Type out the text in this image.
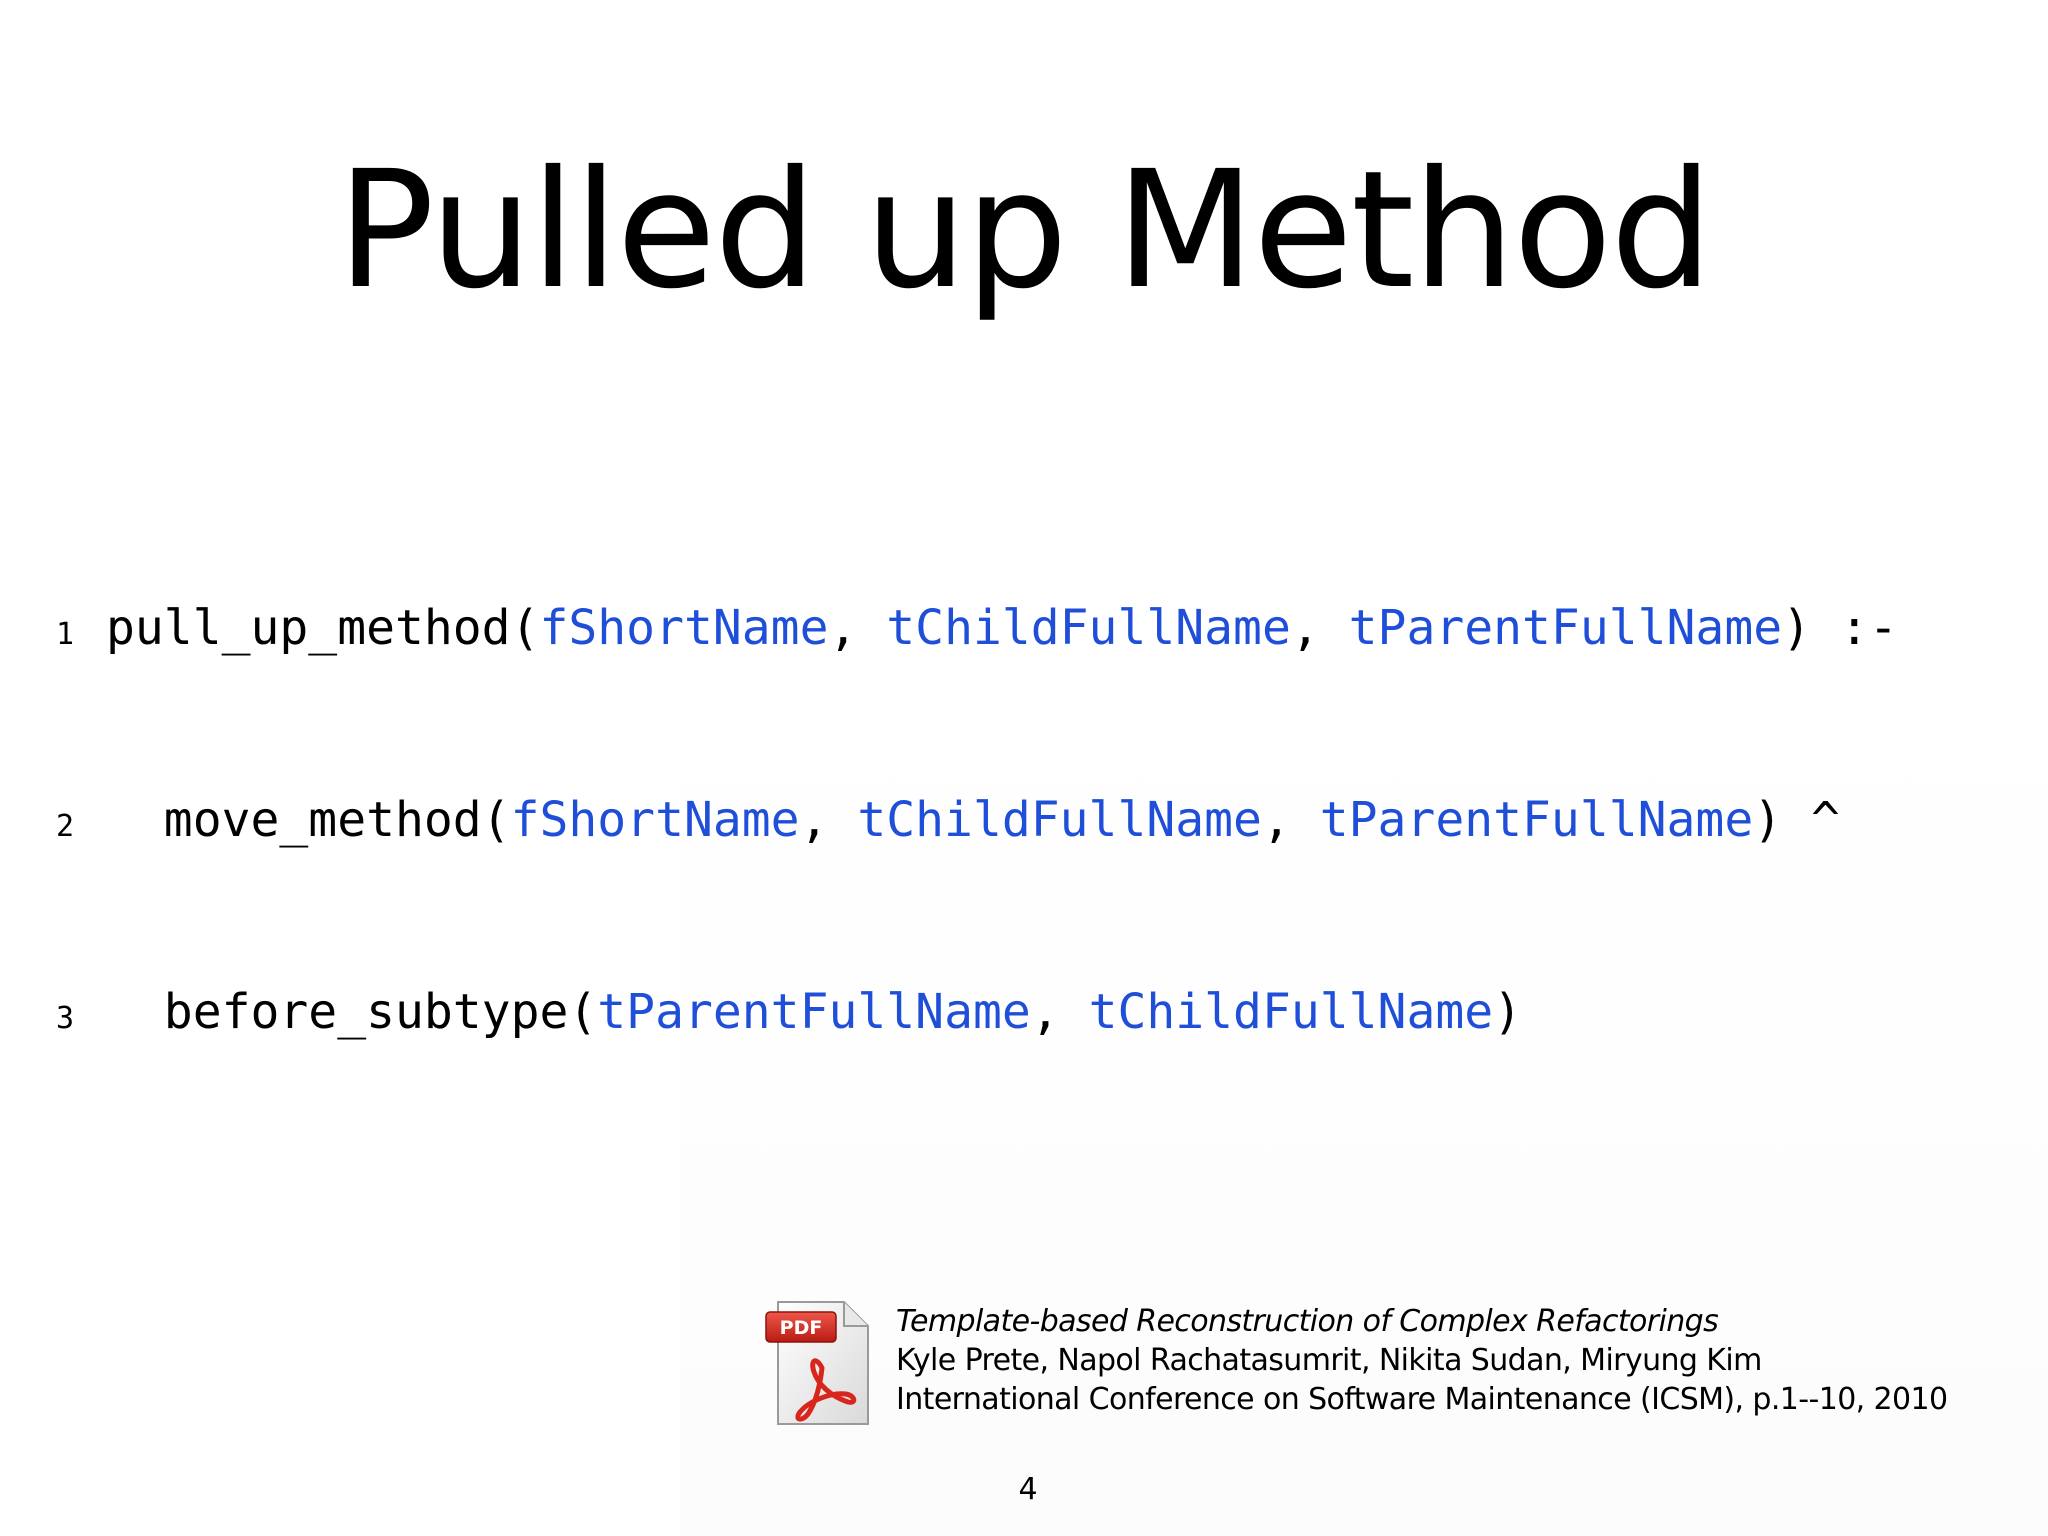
Pulled up Method

1 pull_up_method(fShortName, tChildFullName, tParentFullName) :-

2 move_method(fShortName, tChildFullName, tParentFullName) ^

3 before_subtype(tParentFullName, tChildFullName)

PDF Template-based Reconstruction of Complex Refactorings
Kyle Prete, Napol Rachatasumrit, Nikita Sudan, Miryung Kim
International Conference on Software Maintenance (ICSM), p.1--10, 2010
4
